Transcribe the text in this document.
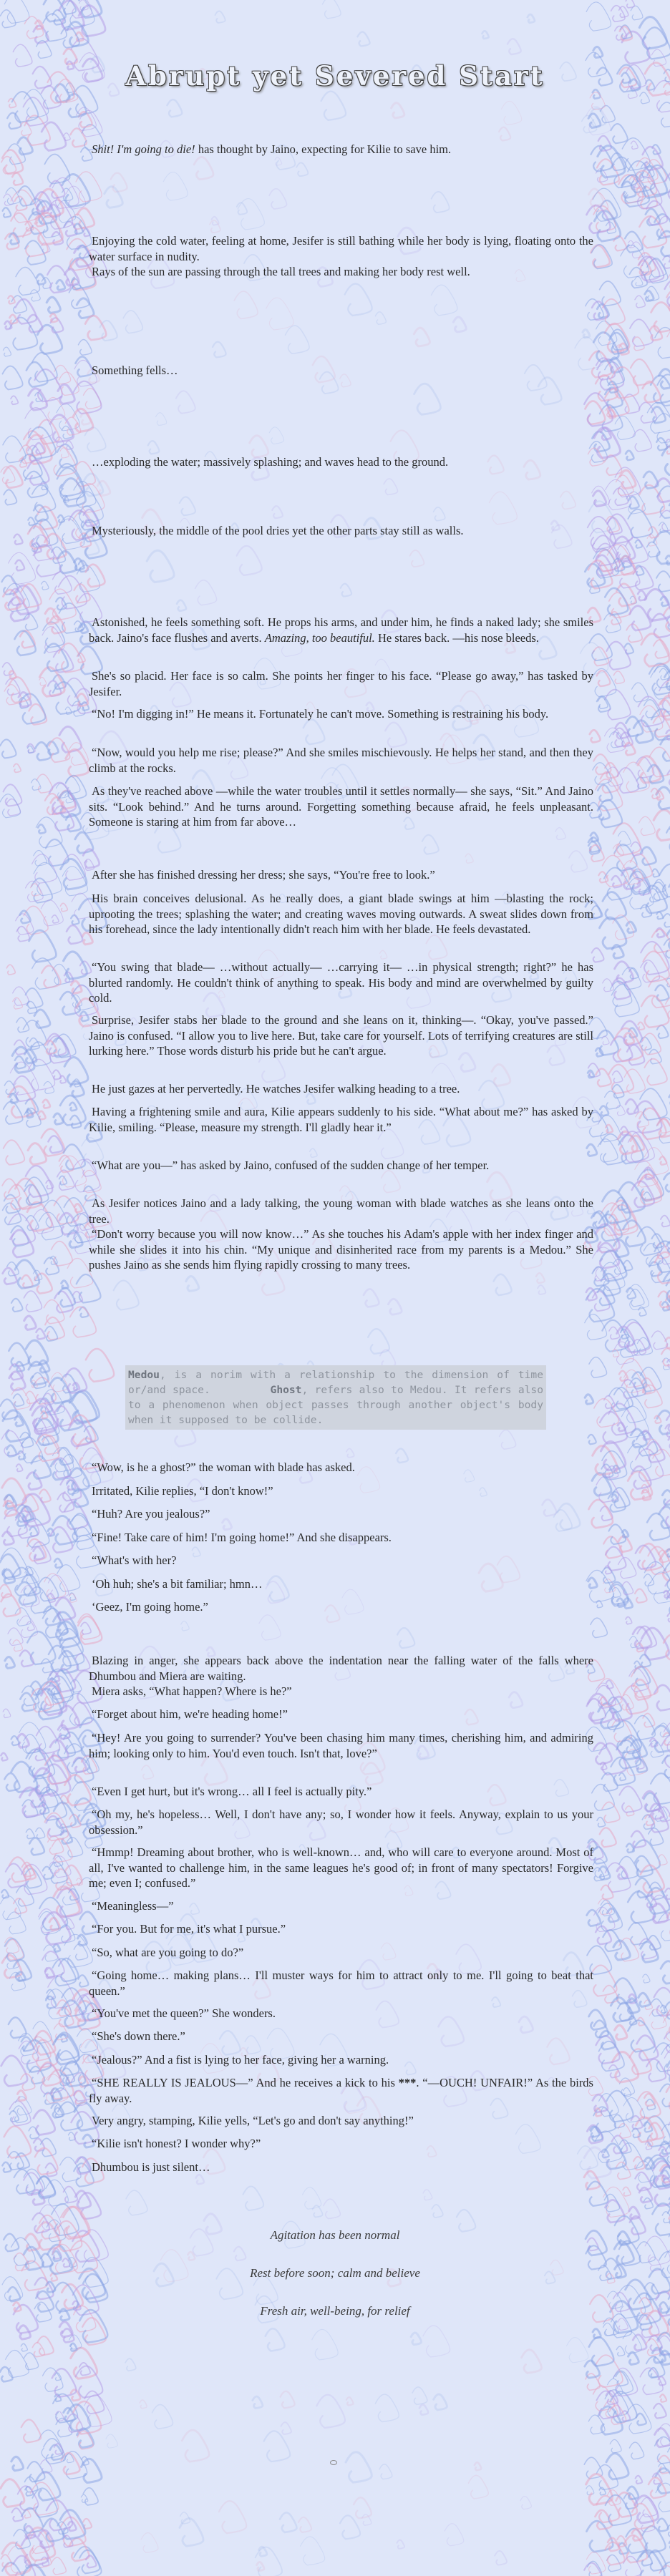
Abrupt yet Severed Start

Shit! I'm going to die! has thought by Jaino, expecting for Kilie to save him.

Enjoying the cold water, feeling at home, Jesifer is still bathing while her body is lying, floating onto the water surface in nudity.

Rays of the sun are passing through the tall trees and making her body rest well.

Something fells…

…exploding the water; massively splashing; and waves head to the ground.

Mysteriously, the middle of the pool dries yet the other parts stay still as walls.

Astonished, he feels something soft. He props his arms, and under him, he finds a naked lady; she smiles back. Jaino's face flushes and averts. Amazing, too beautiful. He stares back. —his nose bleeds.

She's so placid. Her face is so calm. She points her finger to his face. “Please go away,” has tasked by Jesifer.

“No! I'm digging in!” He means it. Fortunately he can't move. Something is restraining his body.

“Now, would you help me rise; please?” And she smiles mischievously. He helps her stand, and then they climb at the rocks.

As they've reached above —while the water troubles until it settles normally— she says, “Sit.” And Jaino sits. “Look behind.” And he turns around. Forgetting something because afraid, he feels unpleasant. Someone is staring at him from far above…

After she has finished dressing her dress; she says, “You're free to look.”

His brain conceives delusional. As he really does, a giant blade swings at him —blasting the rock; uprooting the trees; splashing the water; and creating waves moving outwards. A sweat slides down from his forehead, since the lady intentionally didn't reach him with her blade. He feels devastated.

“You swing that blade— …without actually— …carrying it— …in physical strength; right?” he has blurted randomly. He couldn't think of anything to speak. His body and mind are overwhelmed by guilty cold.

Surprise, Jesifer stabs her blade to the ground and she leans on it, thinking—. “Okay, you've passed.” Jaino is confused. “I allow you to live here. But, take care for yourself. Lots of terrifying creatures are still lurking here.” Those words disturb his pride but he can't argue.

He just gazes at her pervertedly. He watches Jesifer walking heading to a tree.

Having a frightening smile and aura, Kilie appears suddenly to his side. “What about me?” has asked by Kilie, smiling. “Please, measure my strength. I'll gladly hear it.”

“What are you—” has asked by Jaino, confused of the sudden change of her temper.

As Jesifer notices Jaino and a lady talking, the young woman with blade watches as she leans onto the tree.

“Don't worry because you will now know…” As she touches his Adam's apple with her index finger and while she slides it into his chin. “My unique and disinherited race from my parents is a Medou.” She pushes Jaino as she sends him flying rapidly crossing to many trees.

Medou, is a norim with a relationship to the dimension of time or/and space.	Ghost, refers also to Medou. It refers also to a phenomenon when object passes through another object's body when it supposed to be collide.

“Wow, is he a ghost?” the woman with blade has asked.

Irritated, Kilie replies, “I don't know!”

“Huh? Are you jealous?”

“Fine! Take care of him! I'm going home!” And she disappears.

“What's with her?

‘Oh huh; she's a bit familiar; hmn…

‘Geez, I'm going home.”

Blazing in anger, she appears back above the indentation near the falling water of the falls where Dhumbou and Miera are waiting.

Miera asks, “What happen? Where is he?”

“Forget about him, we're heading home!”

“Hey! Are you going to surrender? You've been chasing him many times, cherishing him, and admiring him; looking only to him. You'd even touch. Isn't that, love?”

“Even I get hurt, but it's wrong… all I feel is actually pity.”

“Oh my, he's hopeless… Well, I don't have any; so, I wonder how it feels. Anyway, explain to us your obsession.”

“Hmmp! Dreaming about brother, who is well-known… and, who will care to everyone around. Most of all, I've wanted to challenge him, in the same leagues he's good of; in front of many spectators! Forgive me; even I; confused.”

“Meaningless—”

“For you. But for me, it's what I pursue.”

“So, what are you going to do?”

“Going home… making plans… I'll muster ways for him to attract only to me. I'll going to beat that queen.”

“You've met the queen?” She wonders.

“She's down there.”

“Jealous?” And a fist is lying to her face, giving her a warning.

“SHE REALLY IS JEALOUS—” And he receives a kick to his ***. “—OUCH! UNFAIR!” As the birds fly away.

Very angry, stamping, Kilie yells, “Let's go and don't say anything!”

“Kilie isn't honest? I wonder why?”

Dhumbou is just silent…

Agitation has been normal

Rest before soon; calm and believe

Fresh air, well-being, for relief
